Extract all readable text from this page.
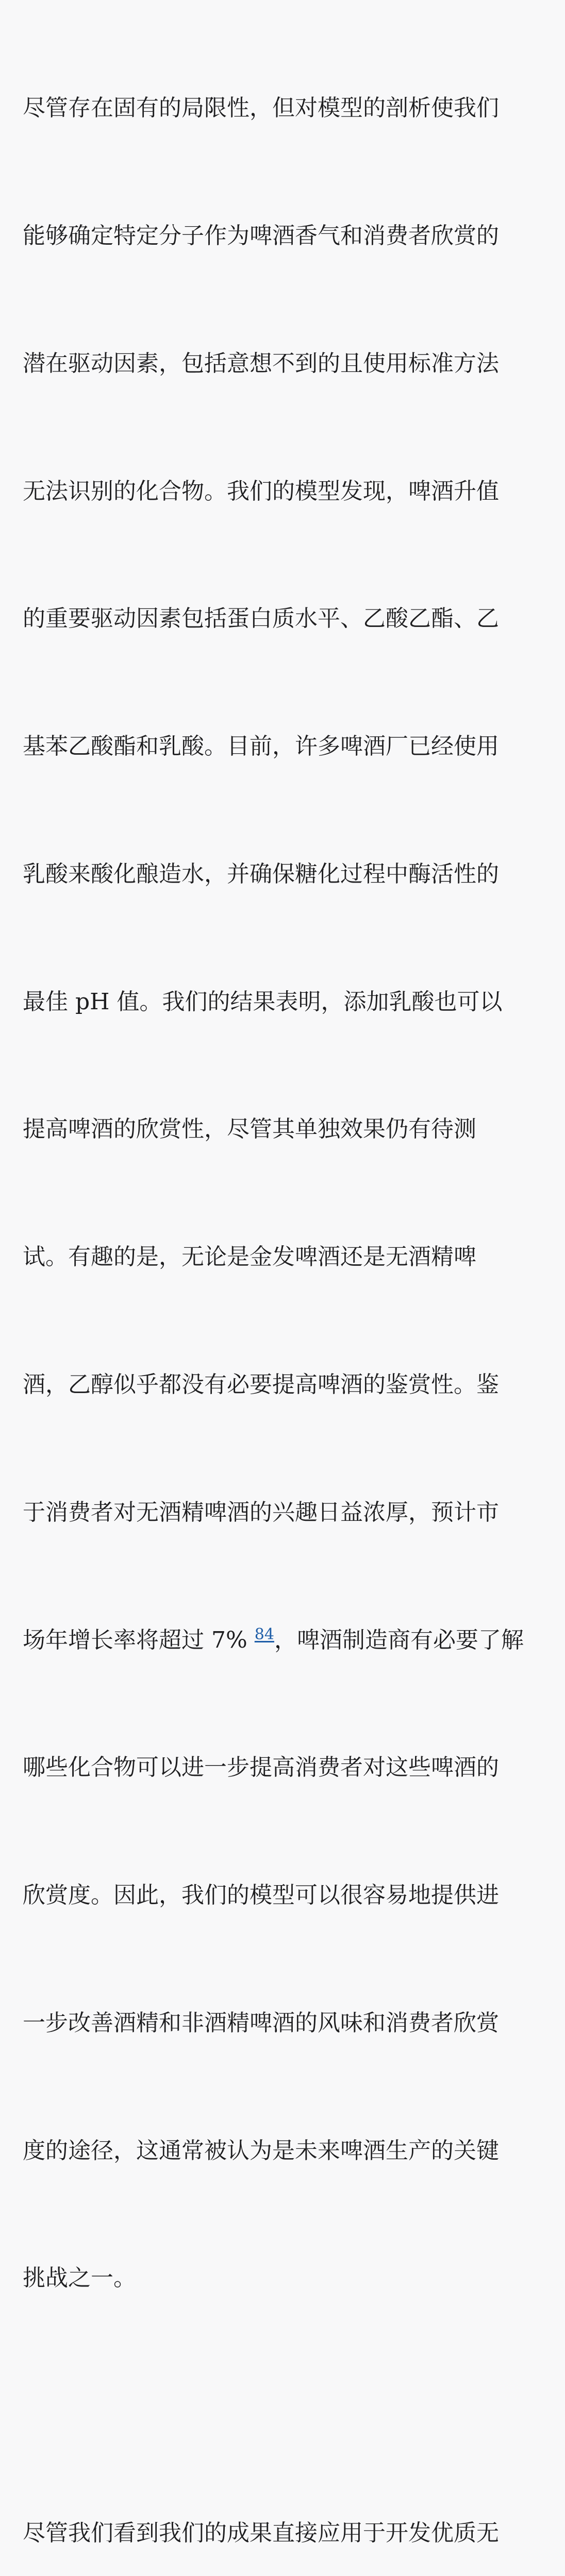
尽管存在固有的局限性，但对模型的剖析使我们

能够确定特定分子作为啤酒香气和消费者欣赏的

潜在驱动因素，包括意想不到的且使用标准方法

无法识别的化合物。我们的模型发现，啤酒升值

的重要驱动因素包括蛋白质水平、乙酸乙酯、乙

基苯乙酸酯和乳酸。目前，许多啤酒厂已经使用

乳酸来酸化酿造水，并确保糖化过程中酶活性的

最佳 pH 值。我们的结果表明，添加乳酸也可以

提高啤酒的欣赏性，尽管其单独效果仍有待测

试。有趣的是，无论是金发啤酒还是无酒精啤

酒，乙醇似乎都没有必要提高啤酒的鉴赏性。鉴

于消费者对无酒精啤酒的兴趣日益浓厚，预计市

场年增长率将超过 7% $^{84}$，啤酒制造商有必要了解

哪些化合物可以进一步提高消费者对这些啤酒的

欣赏度。因此，我们的模型可以很容易地提供进

一步改善酒精和非酒精啤酒的风味和消费者欣赏

度的途径，这通常被认为是未来啤酒生产的关键

挑战之一。

尽管我们看到我们的成果直接应用于开发优质无
